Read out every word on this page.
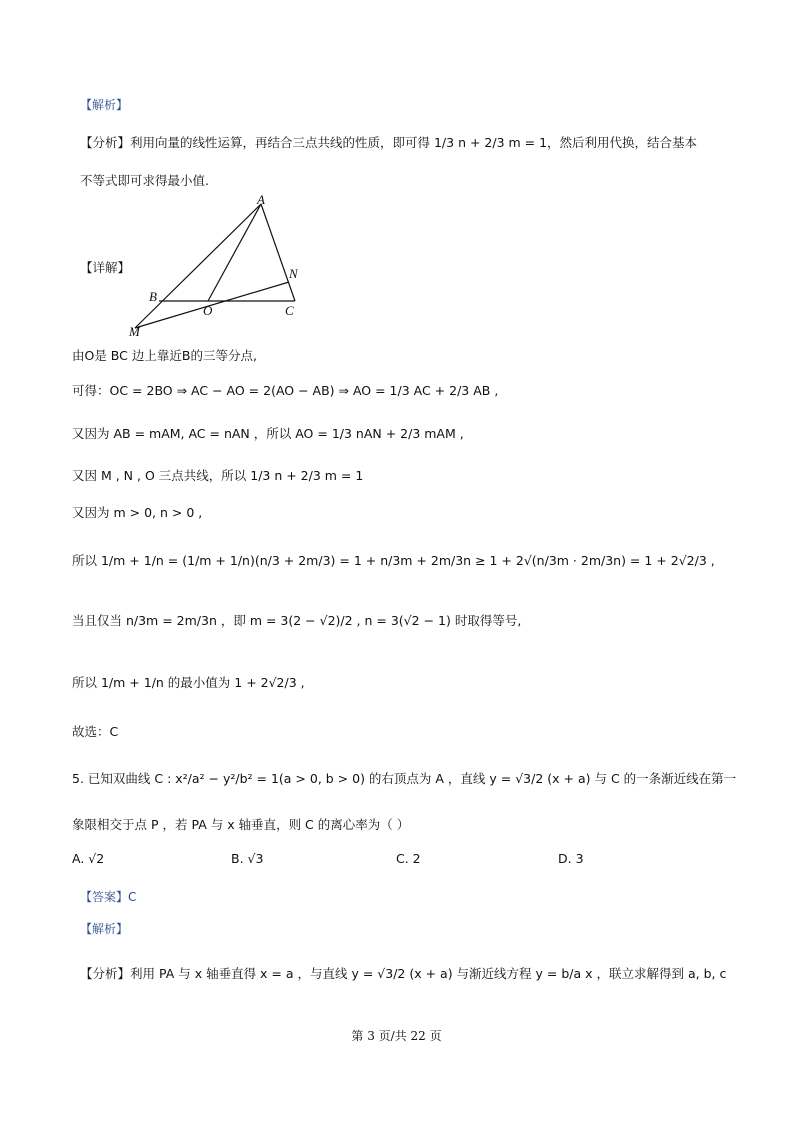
【解析】
【分析】利用向量的线性运算，再结合三点共线的性质，即可得 1/3 n + 2/3 m = 1，然后利用代换，结合基本
不等式即可求得最小值.
【详解】
A
B
C
M
N
O
由O是 BC 边上靠近B的三等分点,
可得：OC = 2BO ⇒ AC − AO = 2(AO − AB) ⇒ AO = 1/3 AC + 2/3 AB ,
又因为 AB = mAM, AC = nAN ，所以 AO = 1/3 nAN + 2/3 mAM ,
又因 M , N , O 三点共线，所以 1/3 n + 2/3 m = 1
又因为 m > 0, n > 0 ,
所以 1/m + 1/n = (1/m + 1/n)(n/3 + 2m/3) = 1 + n/3m + 2m/3n ≥ 1 + 2√(n/3m · 2m/3n) = 1 + 2√2/3 ,
当且仅当 n/3m = 2m/3n ，即 m = 3(2 − √2)/2 , n = 3(√2 − 1) 时取得等号,
所以 1/m + 1/n 的最小值为 1 + 2√2/3 ,
故选：C
5. 已知双曲线 C : x²/a² − y²/b² = 1(a > 0, b > 0) 的右顶点为 A ，直线 y = √3/2 (x + a) 与 C 的一条渐近线在第一
象限相交于点 P ，若 PA 与 x 轴垂直，则 C 的离心率为（ ）
A. √2	B. √3	C. 2	D. 3
【答案】C
【解析】
【分析】利用 PA 与 x 轴垂直得 x = a ，与直线 y = √3/2 (x + a) 与渐近线方程 y = b/a x ，联立求解得到 a, b, c
第 3 页/共 22 页
